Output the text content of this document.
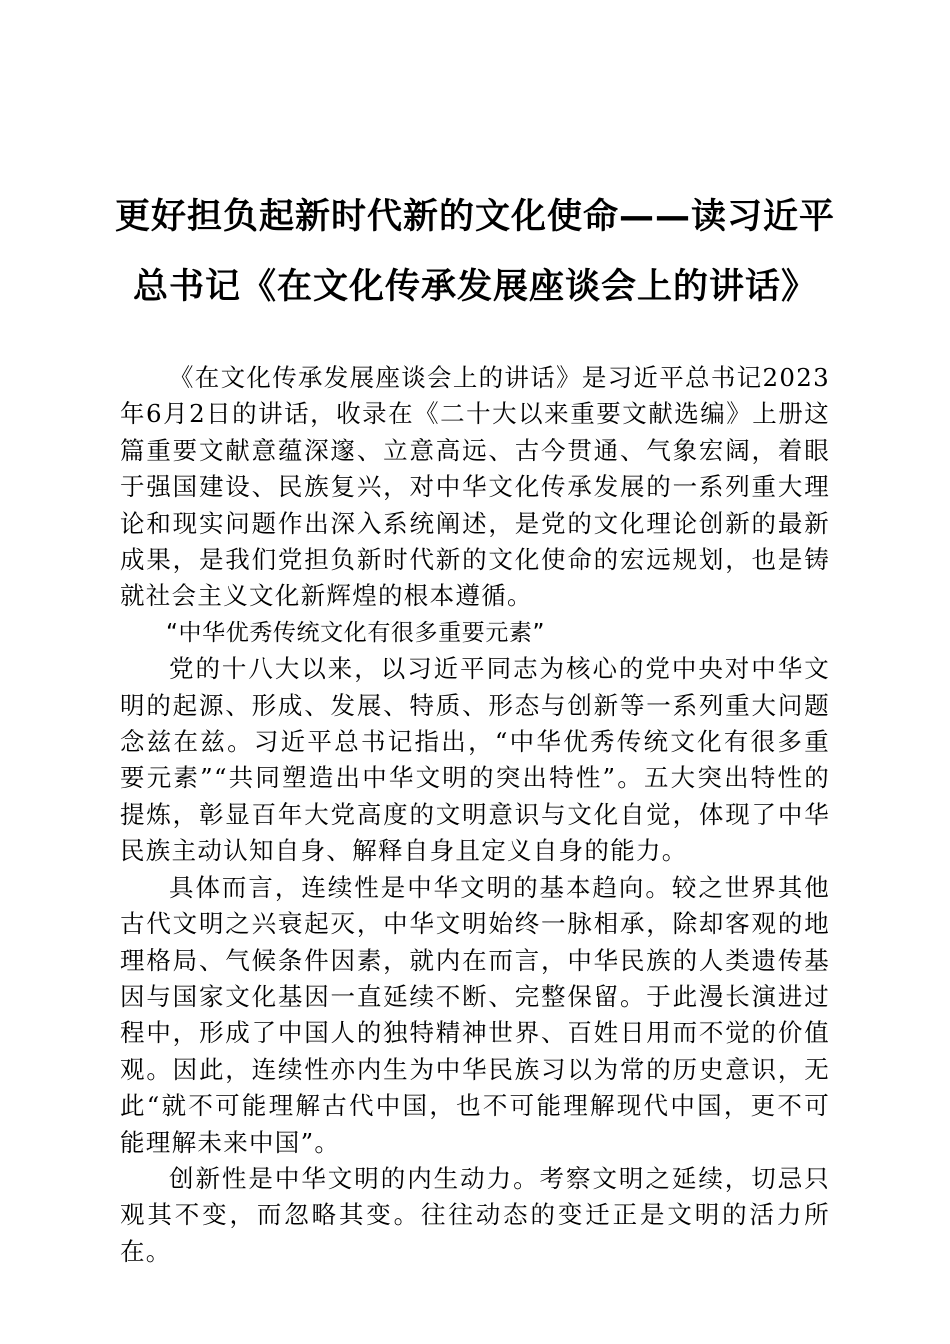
更好担负起新时代新的文化使命——读习近平
总书记《在文化传承发展座谈会上的讲话》

《在文化传承发展座谈会上的讲话》是习近平总书记2023年6月2日的讲话，收录在《二十大以来重要文献选编》上册这篇重要文献意蕴深邃、立意高远、古今贯通、气象宏阔，着眼于强国建设、民族复兴，对中华文化传承发展的一系列重大理论和现实问题作出深入系统阐述，是党的文化理论创新的最新成果，是我们党担负新时代新的文化使命的宏远规划，也是铸就社会主义文化新辉煌的根本遵循。

“中华优秀传统文化有很多重要元素”

党的十八大以来，以习近平同志为核心的党中央对中华文明的起源、形成、发展、特质、形态与创新等一系列重大问题念兹在兹。习近平总书记指出，“中华优秀传统文化有很多重要元素”“共同塑造出中华文明的突出特性”。五大突出特性的提炼，彰显百年大党高度的文明意识与文化自觉，体现了中华民族主动认知自身、解释自身且定义自身的能力。

具体而言，连续性是中华文明的基本趋向。较之世界其他古代文明之兴衰起灭，中华文明始终一脉相承，除却客观的地理格局、气候条件因素，就内在而言，中华民族的人类遗传基因与国家文化基因一直延续不断、完整保留。于此漫长演进过程中，形成了中国人的独特精神世界、百姓日用而不觉的价值观。因此，连续性亦内生为中华民族习以为常的历史意识，无此“就不可能理解古代中国，也不可能理解现代中国，更不可能理解未来中国”。

创新性是中华文明的内生动力。考察文明之延续，切忌只观其不变，而忽略其变。往往动态的变迁正是文明的活力所在。
